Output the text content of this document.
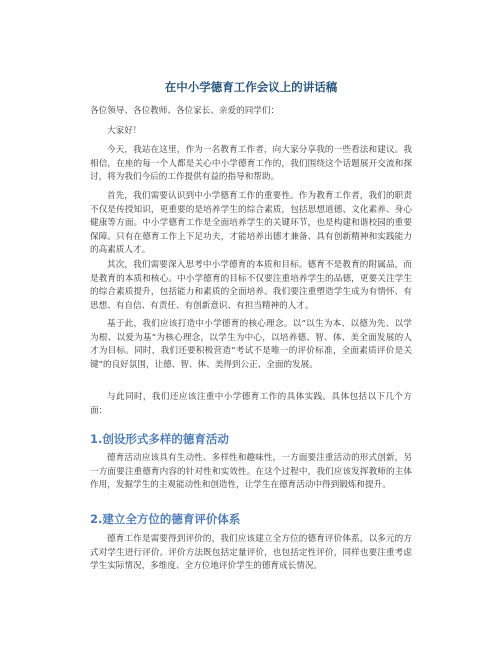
在中小学德育工作会议上的讲话稿
各位领导、各位教师、各位家长、亲爱的同学们：
大家好！
今天，我站在这里，作为一名教育工作者，向大家分享我的一些看法和建议。我相信，在座的每一个人都是关心中小学德育工作的，我们围绕这个话题展开交流和探讨，将为我们今后的工作提供有益的指导和帮助。
首先，我们需要认识到中小学德育工作的重要性。作为教育工作者，我们的职责不仅是传授知识，更重要的是培养学生的综合素质，包括思想道德、文化素养、身心健康等方面。中小学德育工作是全面培养学生的关键环节，也是构建和谐校园的重要保障。只有在德育工作上下足功夫，才能培养出德才兼备、具有创新精神和实践能力的高素质人才。
其次，我们需要深入思考中小学德育的本质和目标。德育不是教育的附属品，而是教育的本质和核心。中小学德育的目标不仅要注重培养学生的品德，更要关注学生的综合素质提升，包括能力和素质的全面培养。我们要注重塑造学生成为有情怀、有思想、有自信、有责任、有创新意识、有担当精神的人才。
基于此，我们应该打造中小学德育的核心理念。以“以生为本、以德为先、以学为根、以爱为基”为核心理念，以学生为中心，以培养德、智、体、美全面发展的人才为目标。同时，我们还要积极营造“考试不是唯一的评价标准，全面素质评价是关键”的良好氛围，让德、智、体、美得到公正、全面的发展。
与此同时，我们还应该注重中小学德育工作的具体实践。具体包括以下几个方面：
1.创设形式多样的德育活动
德育活动应该具有生动性、多样性和趣味性，一方面要注重活动的形式创新，另一方面要注重德育内容的针对性和实效性。在这个过程中，我们应该发挥教师的主体作用，发掘学生的主观能动性和创造性，让学生在德育活动中得到锻炼和提升。
2.建立全方位的德育评价体系
德育工作是需要得到评价的，我们应该建立全方位的德育评价体系，以多元的方式对学生进行评价。评价方法既包括定量评价，也包括定性评价，同样也要注重考虑学生实际情况，多维度、全方位地评价学生的德育成长情况。
